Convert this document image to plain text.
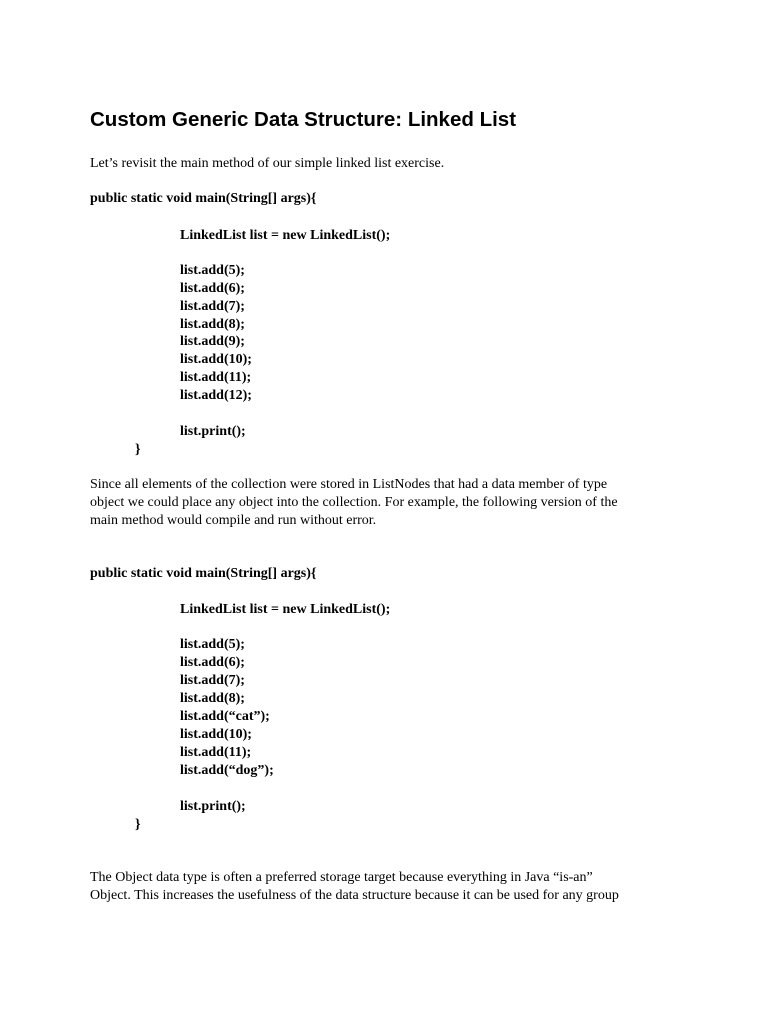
Custom Generic Data Structure: Linked List

Let’s revisit the main method of our simple linked list exercise.

public static void main(String[] args){
LinkedList list = new LinkedList();
list.add(5);
list.add(6);
list.add(7);
list.add(8);
list.add(9);
list.add(10);
list.add(11);
list.add(12);
list.print();
}

Since all elements of the collection were stored in ListNodes that had a data member of type
object we could place any object into the collection. For example, the following version of the
main method would compile and run without error.

public static void main(String[] args){
LinkedList list = new LinkedList();
list.add(5);
list.add(6);
list.add(7);
list.add(8);
list.add(“cat”);
list.add(10);
list.add(11);
list.add(“dog”);
list.print();
}

The Object data type is often a preferred storage target because everything in Java “is-an”
Object. This increases the usefulness of the data structure because it can be used for any group
